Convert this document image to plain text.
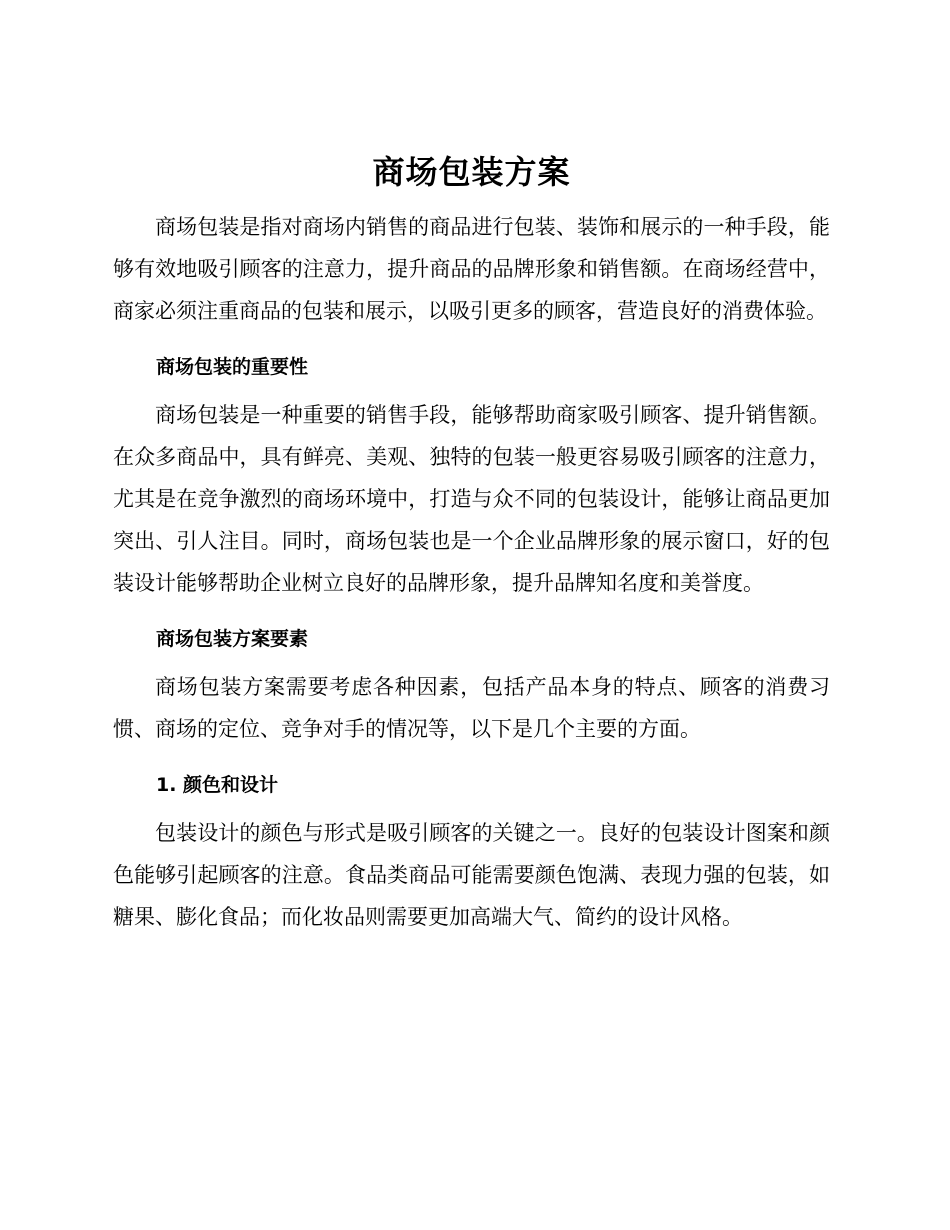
商场包装方案

商场包装是指对商场内销售的商品进行包装、装饰和展示的一种手段，能够有效地吸引顾客的注意力，提升商品的品牌形象和销售额。在商场经营中，商家必须注重商品的包装和展示，以吸引更多的顾客，营造良好的消费体验。

商场包装的重要性

商场包装是一种重要的销售手段，能够帮助商家吸引顾客、提升销售额。在众多商品中，具有鲜亮、美观、独特的包装一般更容易吸引顾客的注意力，尤其是在竞争激烈的商场环境中，打造与众不同的包装设计，能够让商品更加突出、引人注目。同时，商场包装也是一个企业品牌形象的展示窗口，好的包装设计能够帮助企业树立良好的品牌形象，提升品牌知名度和美誉度。

商场包装方案要素

商场包装方案需要考虑各种因素，包括产品本身的特点、顾客的消费习惯、商场的定位、竞争对手的情况等，以下是几个主要的方面。

1. 颜色和设计

包装设计的颜色与形式是吸引顾客的关键之一。良好的包装设计图案和颜色能够引起顾客的注意。食品类商品可能需要颜色饱满、表现力强的包装，如糖果、膨化食品；而化妆品则需要更加高端大气、简约的设计风格。
